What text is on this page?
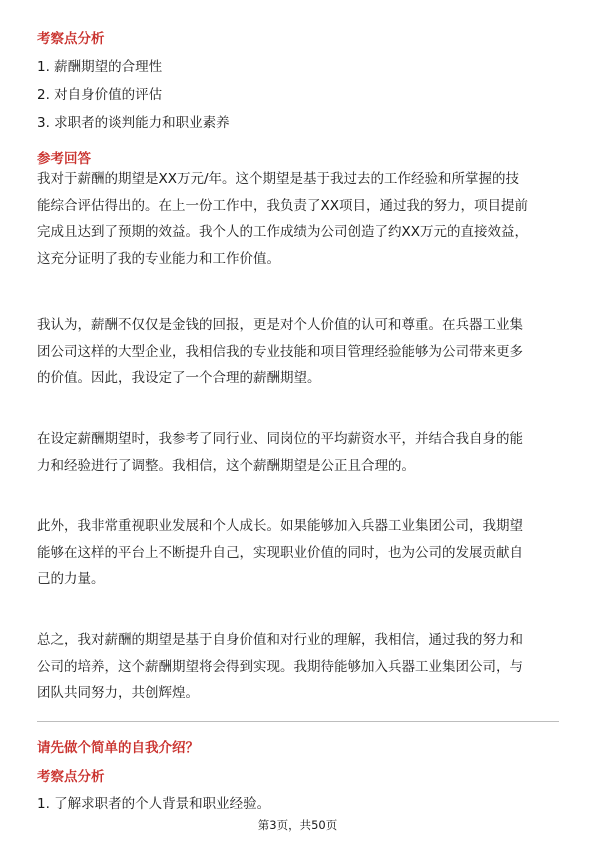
考察点分析
1. 薪酬期望的合理性
2. 对自身价值的评估
3. 求职者的谈判能力和职业素养
参考回答
我对于薪酬的期望是XX万元/年。这个期望是基于我过去的工作经验和所掌握的技
能综合评估得出的。在上一份工作中，我负责了XX项目，通过我的努力，项目提前
完成且达到了预期的效益。我个人的工作成绩为公司创造了约XX万元的直接效益，
这充分证明了我的专业能力和工作价值。
我认为，薪酬不仅仅是金钱的回报，更是对个人价值的认可和尊重。在兵器工业集
团公司这样的大型企业，我相信我的专业技能和项目管理经验能够为公司带来更多
的价值。因此，我设定了一个合理的薪酬期望。
在设定薪酬期望时，我参考了同行业、同岗位的平均薪资水平，并结合我自身的能
力和经验进行了调整。我相信，这个薪酬期望是公正且合理的。
此外，我非常重视职业发展和个人成长。如果能够加入兵器工业集团公司，我期望
能够在这样的平台上不断提升自己，实现职业价值的同时，也为公司的发展贡献自
己的力量。
总之，我对薪酬的期望是基于自身价值和对行业的理解，我相信，通过我的努力和
公司的培养，这个薪酬期望将会得到实现。我期待能够加入兵器工业集团公司，与
团队共同努力，共创辉煌。
请先做个简单的自我介绍？
考察点分析
1. 了解求职者的个人背景和职业经验。
第3页，共50页
